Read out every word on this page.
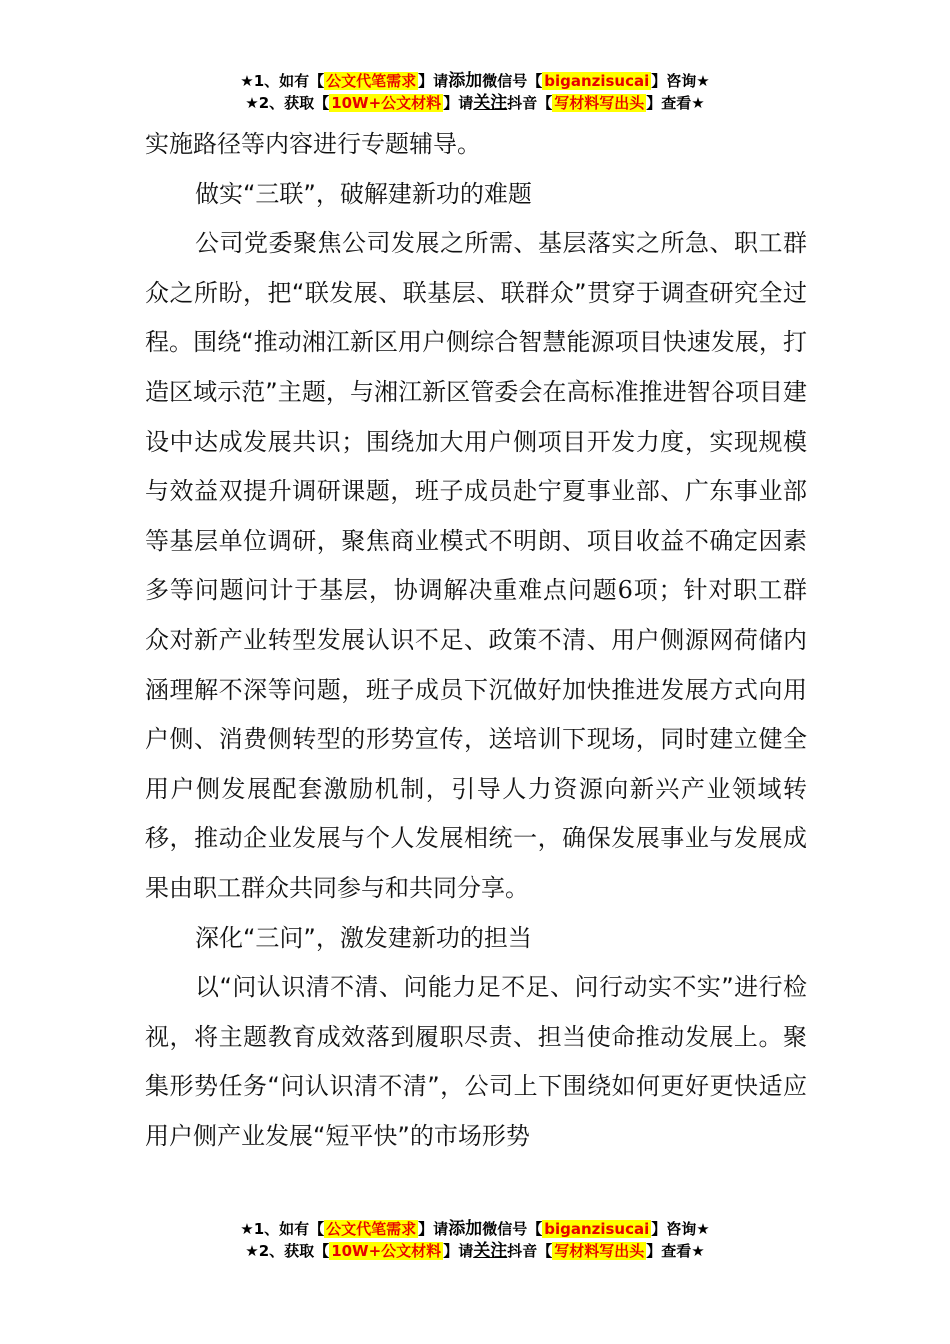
★1、如有【 公文代笔需求 】请添加微信号【 biganzisucai 】咨询★
★2、获取【 10W+公文材料 】请关注抖音【 写材料写出头 】查看★

实施路径等内容进行专题辅导。

做实“三联”，破解建新功的难题

公司党委聚焦公司发展之所需、基层落实之所急、职工群众之所盼，把“联发展、联基层、联群众”贯穿于调查研究全过程。围绕“推动湘江新区用户侧综合智慧能源项目快速发展，打造区域示范”主题，与湘江新区管委会在高标准推进智谷项目建设中达成发展共识；围绕加大用户侧项目开发力度，实现规模与效益双提升调研课题，班子成员赴宁夏事业部、广东事业部等基层单位调研，聚焦商业模式不明朗、项目收益不确定因素多等问题问计于基层，协调解决重难点问题6项；针对职工群众对新产业转型发展认识不足、政策不清、用户侧源网荷储内涵理解不深等问题，班子成员下沉做好加快推进发展方式向用户侧、消费侧转型的形势宣传，送培训下现场，同时建立健全用户侧发展配套激励机制，引导人力资源向新兴产业领域转移，推动企业发展与个人发展相统一，确保发展事业与发展成果由职工群众共同参与和共同分享。

深化“三问”，激发建新功的担当

以“问认识清不清、问能力足不足、问行动实不实”进行检视，将主题教育成效落到履职尽责、担当使命推动发展上。聚集形势任务“问认识清不清”，公司上下围绕如何更好更快适应用户侧产业发展“短平快”的市场形势

★1、如有【 公文代笔需求 】请添加微信号【 biganzisucai 】咨询★
★2、获取【 10W+公文材料 】请关注抖音【 写材料写出头 】查看★
